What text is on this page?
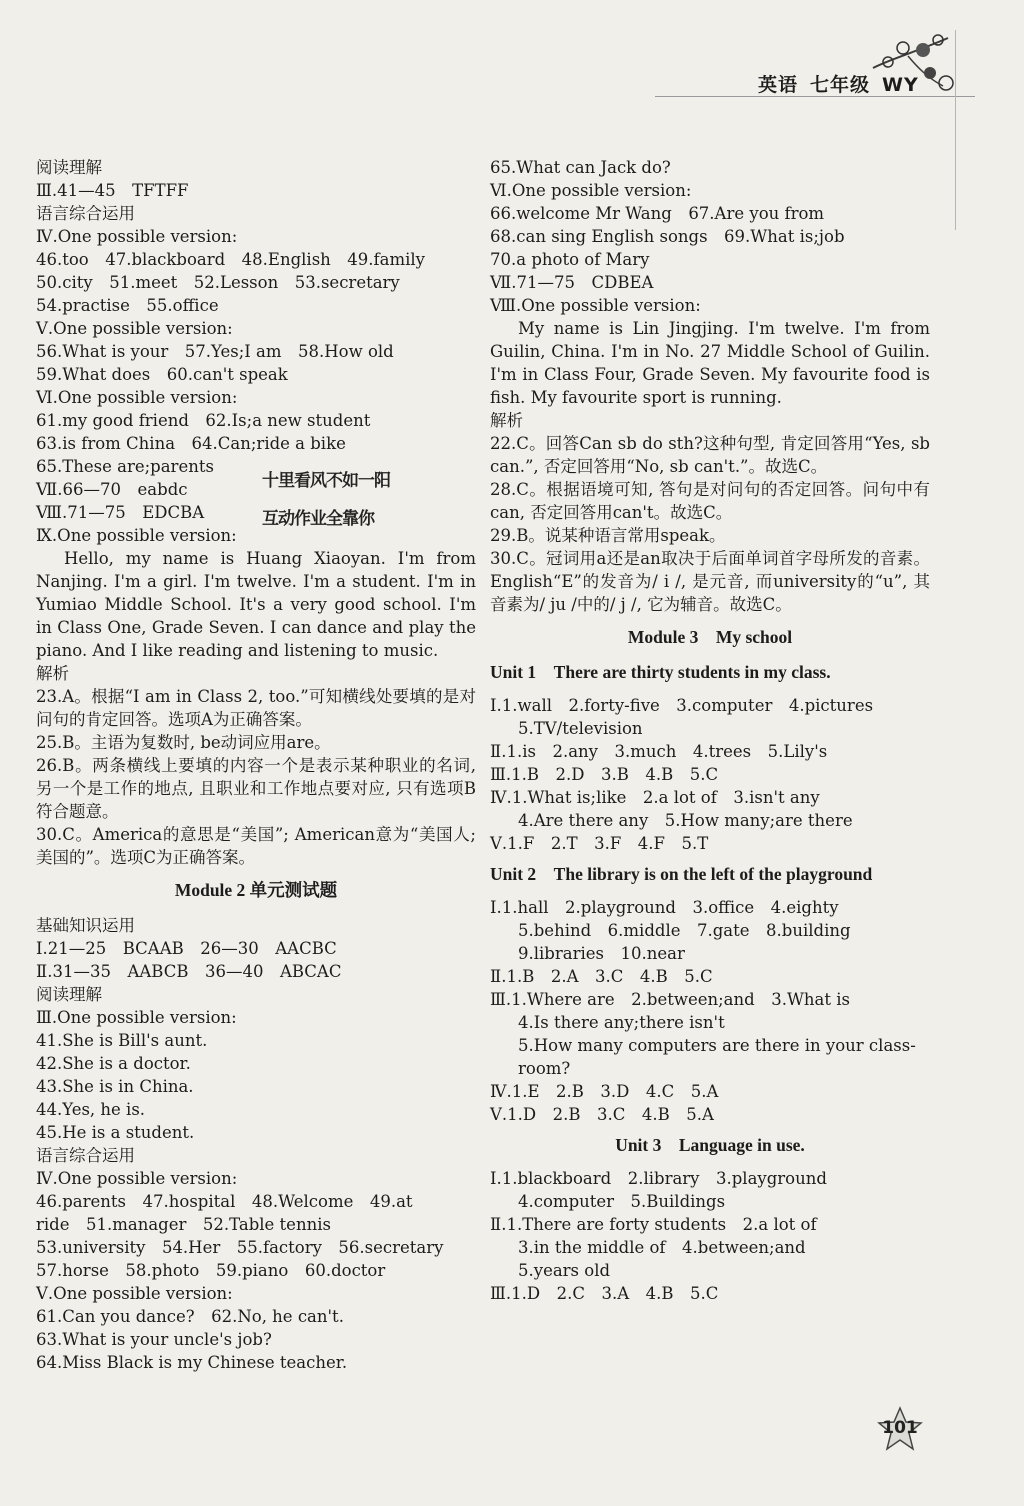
英语 七年级 WY
阅读理解
Ⅲ.41—45　TFTFF
语言综合运用
Ⅳ.One possible version:
46.too　47.blackboard　48.English　49.family
50.city　51.meet　52.Lesson　53.secretary
54.practise　55.office
Ⅴ.One possible version:
56.What is your　57.Yes;I am　58.How old
59.What does　60.can't speak
Ⅵ.One possible version:
61.my good friend　62.Is;a new student
63.is from China　64.Can;ride a bike
65.These are;parents
Ⅶ.66—70　eabdc
Ⅷ.71—75　EDCBA
Ⅸ.One possible version:
Hello, my name is Huang Xiaoyan. I'm from Nanjing. I'm a girl. I'm twelve. I'm a student. I'm in Yumiao Middle School. It's a very good school. I'm in Class One, Grade Seven. I can dance and play the piano. And I like reading and listening to music.
解析
23.A。根据“I am in Class 2, too.”可知横线处要填的是对问句的肯定回答。选项A为正确答案。
25.B。主语为复数时, be动词应用are。
26.B。两条横线上要填的内容一个是表示某种职业的名词, 另一个是工作的地点, 且职业和工作地点要对应, 只有选项B符合题意。
30.C。America的意思是“美国”; American意为“美国人;美国的”。选项C为正确答案。
Module 2 单元测试题
基础知识运用
Ⅰ.21—25　BCAAB　26—30　AACBC
Ⅱ.31—35　AABCB　36—40　ABCAC
阅读理解
Ⅲ.One possible version:
41.She is Bill's aunt.
42.She is a doctor.
43.She is in China.
44.Yes, he is.
45.He is a student.
语言综合运用
Ⅳ.One possible version:
46.parents　47.hospital　48.Welcome　49.at
ride　51.manager　52.Table tennis
53.university　54.Her　55.factory　56.secretary
57.horse　58.photo　59.piano　60.doctor
Ⅴ.One possible version:
61.Can you dance?　62.No, he can't.
63.What is your uncle's job?
64.Miss Black is my Chinese teacher.
十里看风不如一阳
互动作业全靠你
65.What can Jack do?
Ⅵ.One possible version:
66.welcome Mr Wang　67.Are you from
68.can sing English songs　69.What is;job
70.a photo of Mary
Ⅶ.71—75　CDBEA
Ⅷ.One possible version:
My name is Lin Jingjing. I'm twelve. I'm from Guilin, China. I'm in No. 27 Middle School of Guilin. I'm in Class Four, Grade Seven. My favourite food is fish. My favourite sport is running.
解析
22.C。回答Can sb do sth?这种句型, 肯定回答用“Yes, sb can.”, 否定回答用“No, sb can't.”。故选C。
28.C。根据语境可知, 答句是对问句的否定回答。问句中有can, 否定回答用can't。故选C。
29.B。说某种语言常用speak。
30.C。冠词用a还是an取决于后面单词首字母所发的音素。English“E”的发音为/ i /, 是元音, 而university的“u”, 其音素为/ ju /中的/ j /, 它为辅音。故选C。
Module 3　My school
Unit 1　There are thirty students in my class.
Ⅰ.1.wall　2.forty-five　3.computer　4.pictures
5.TV/television
Ⅱ.1.is　2.any　3.much　4.trees　5.Lily's
Ⅲ.1.B　2.D　3.B　4.B　5.C
Ⅳ.1.What is;like　2.a lot of　3.isn't any
4.Are there any　5.How many;are there
Ⅴ.1.F　2.T　3.F　4.F　5.T
Unit 2　The library is on the left of the playground
Ⅰ.1.hall　2.playground　3.office　4.eighty
5.behind　6.middle　7.gate　8.building
9.libraries　10.near
Ⅱ.1.B　2.A　3.C　4.B　5.C
Ⅲ.1.Where are　2.between;and　3.What is
4.Is there any;there isn't
5.How many computers are there in your class-
room?
Ⅳ.1.E　2.B　3.D　4.C　5.A
Ⅴ.1.D　2.B　3.C　4.B　5.A
Unit 3　Language in use.
Ⅰ.1.blackboard　2.library　3.playground
4.computer　5.Buildings
Ⅱ.1.There are forty students　2.a lot of
3.in the middle of　4.between;and
5.years old
Ⅲ.1.D　2.C　3.A　4.B　5.C
101
